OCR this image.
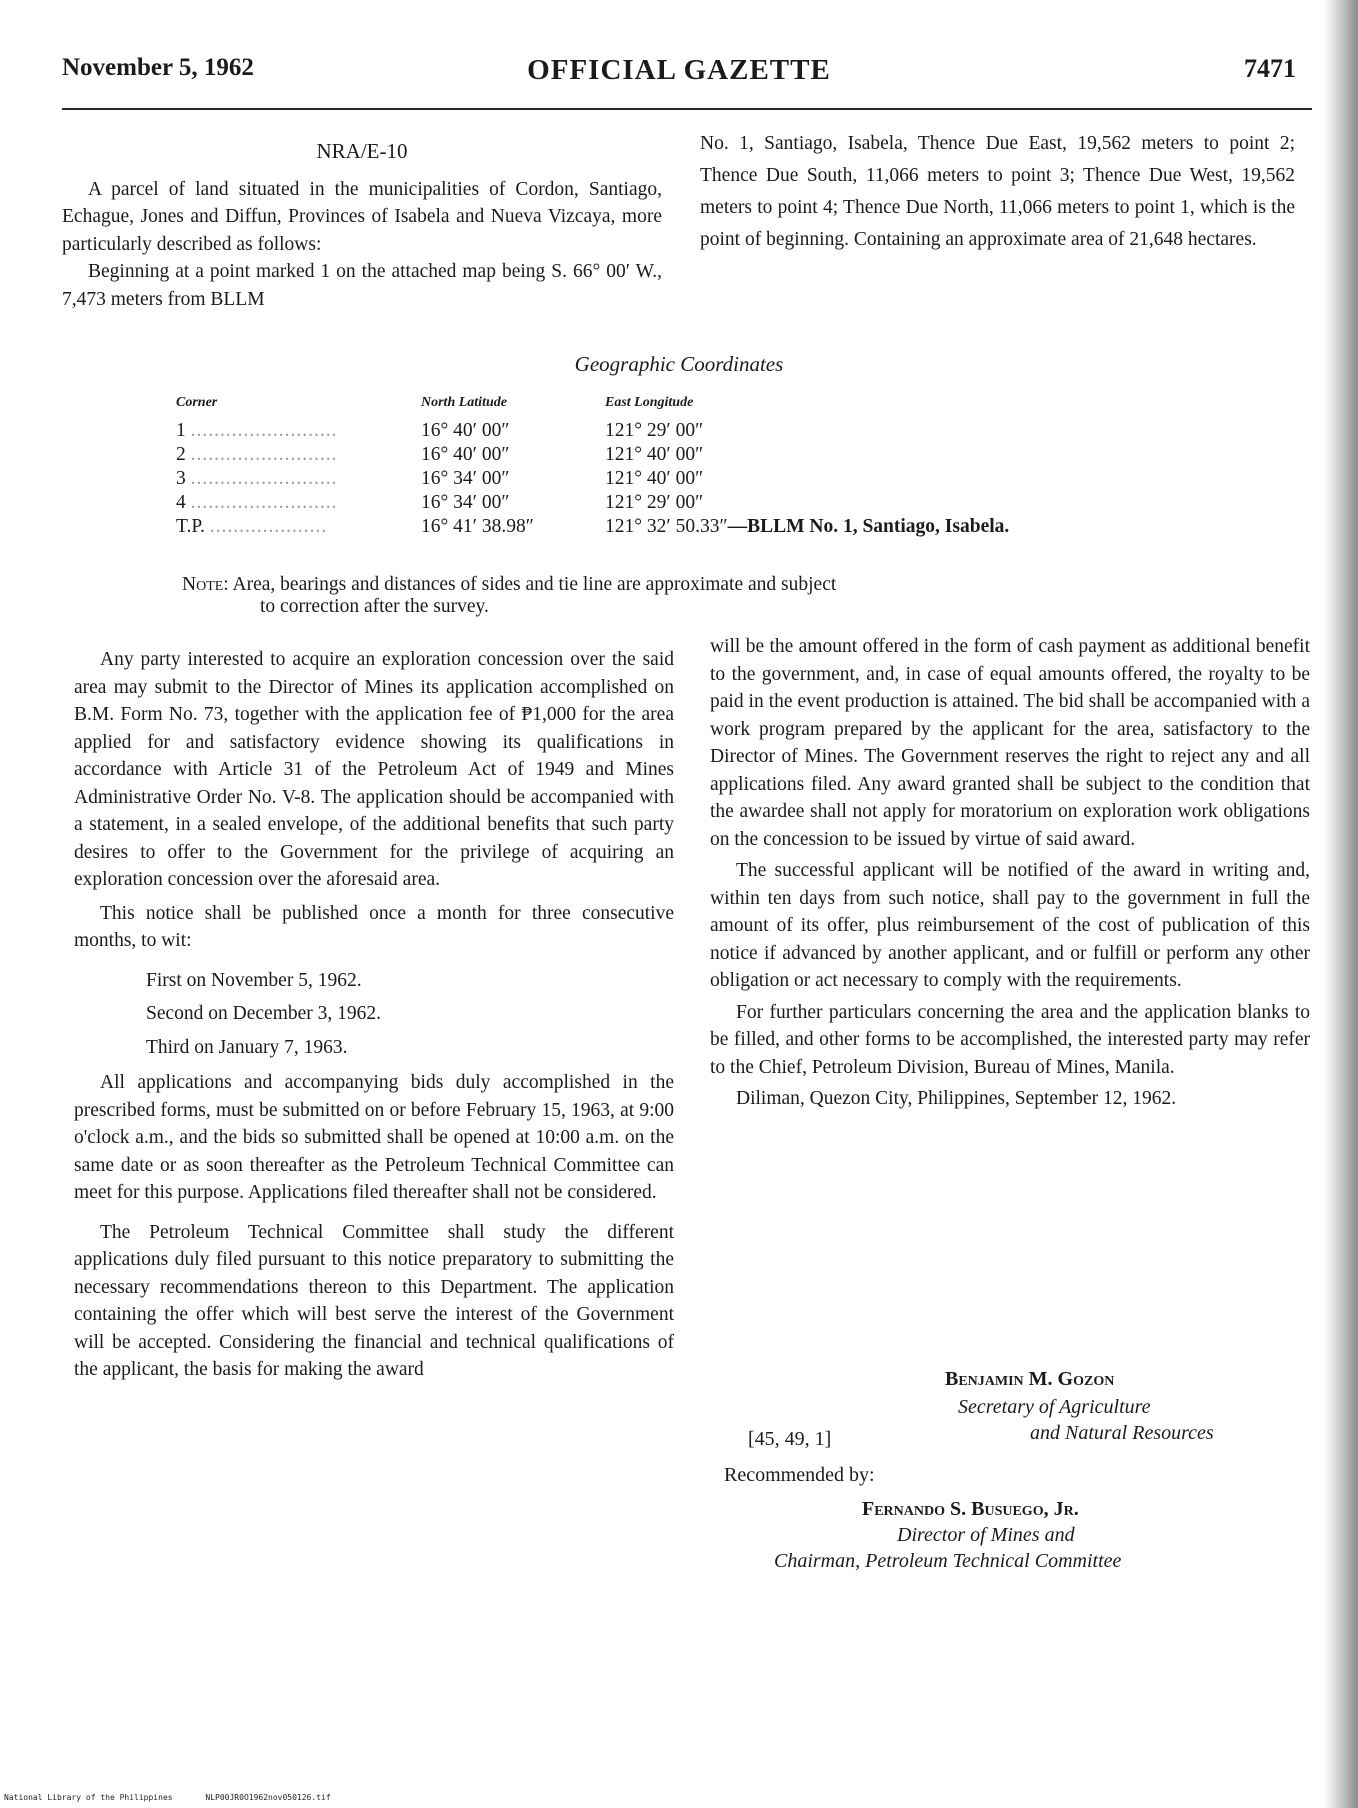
November 5, 1962	OFFICIAL GAZETTE	7471

NRA/E-10

A parcel of land situated in the municipalities of Cordon, Santiago, Echague, Jones and Diffun, Provinces of Isabela and Nueva Vizcaya, more particularly described as follows:

Beginning at a point marked 1 on the attached map being S. 66° 00′ W., 7,473 meters from BLLM

No. 1, Santiago, Isabela, Thence Due East, 19,562 meters to point 2; Thence Due South, 11,066 meters to point 3; Thence Due West, 19,562 meters to point 4; Thence Due North, 11,066 meters to point 1, which is the point of beginning. Containing an approximate area of 21,648 hectares.

Geographic Coordinates
Corner	North Latitude	East Longitude
1 .........................	16° 40′ 00″	121° 29′ 00″
2 .........................	16° 40′ 00″	121° 40′ 00″
3 .........................	16° 34′ 00″	121° 40′ 00″
4 .........................	16° 34′ 00″	121° 29′ 00″
T.P. ....................	16° 41′ 38.98″	121° 32′ 50.33″—BLLM No. 1, Santiago, Isabela.
Note: Area, bearings and distances of sides and tie line are approximate and subject
to correction after the survey.

Any party interested to acquire an exploration concession over the said area may submit to the Director of Mines its application accomplished on B.M. Form No. 73, together with the application fee of ₱1,000 for the area applied for and satisfactory evidence showing its qualifications in accordance with Article 31 of the Petroleum Act of 1949 and Mines Administrative Order No. V-8. The application should be accompanied with a statement, in a sealed envelope, of the additional benefits that such party desires to offer to the Government for the privilege of acquiring an exploration concession over the aforesaid area.

This notice shall be published once a month for three consecutive months, to wit:

First on November 5, 1962.

Second on December 3, 1962.

Third on January 7, 1963.

All applications and accompanying bids duly accomplished in the prescribed forms, must be submitted on or before February 15, 1963, at 9:00 o'clock a.m., and the bids so submitted shall be opened at 10:00 a.m. on the same date or as soon thereafter as the Petroleum Technical Committee can meet for this purpose. Applications filed thereafter shall not be considered.

The Petroleum Technical Committee shall study the different applications duly filed pursuant to this notice preparatory to submitting the necessary recommendations thereon to this Department. The application containing the offer which will best serve the interest of the Government will be accepted. Considering the financial and technical qualifications of the applicant, the basis for making the award

will be the amount offered in the form of cash payment as additional benefit to the government, and, in case of equal amounts offered, the royalty to be paid in the event production is attained. The bid shall be accompanied with a work program prepared by the applicant for the area, satisfactory to the Director of Mines. The Government reserves the right to reject any and all applications filed. Any award granted shall be subject to the condition that the awardee shall not apply for moratorium on exploration work obligations on the concession to be issued by virtue of said award.

The successful applicant will be notified of the award in writing and, within ten days from such notice, shall pay to the government in full the amount of its offer, plus reimbursement of the cost of publication of this notice if advanced by another applicant, and or fulfill or perform any other obligation or act necessary to comply with the requirements.

For further particulars concerning the area and the application blanks to be filled, and other forms to be accomplished, the interested party may refer to the Chief, Petroleum Division, Bureau of Mines, Manila.

Diliman, Quezon City, Philippines, September 12, 1962.

Benjamin M. Gozon
Secretary of Agriculture
and Natural Resources
[45, 49, 1]
Recommended by:
Fernando S. Busuego, Jr.
Director of Mines and
Chairman, Petroleum Technical Committee
National Library of the Philippines	NLP00JR0O1962nov050126.tif
